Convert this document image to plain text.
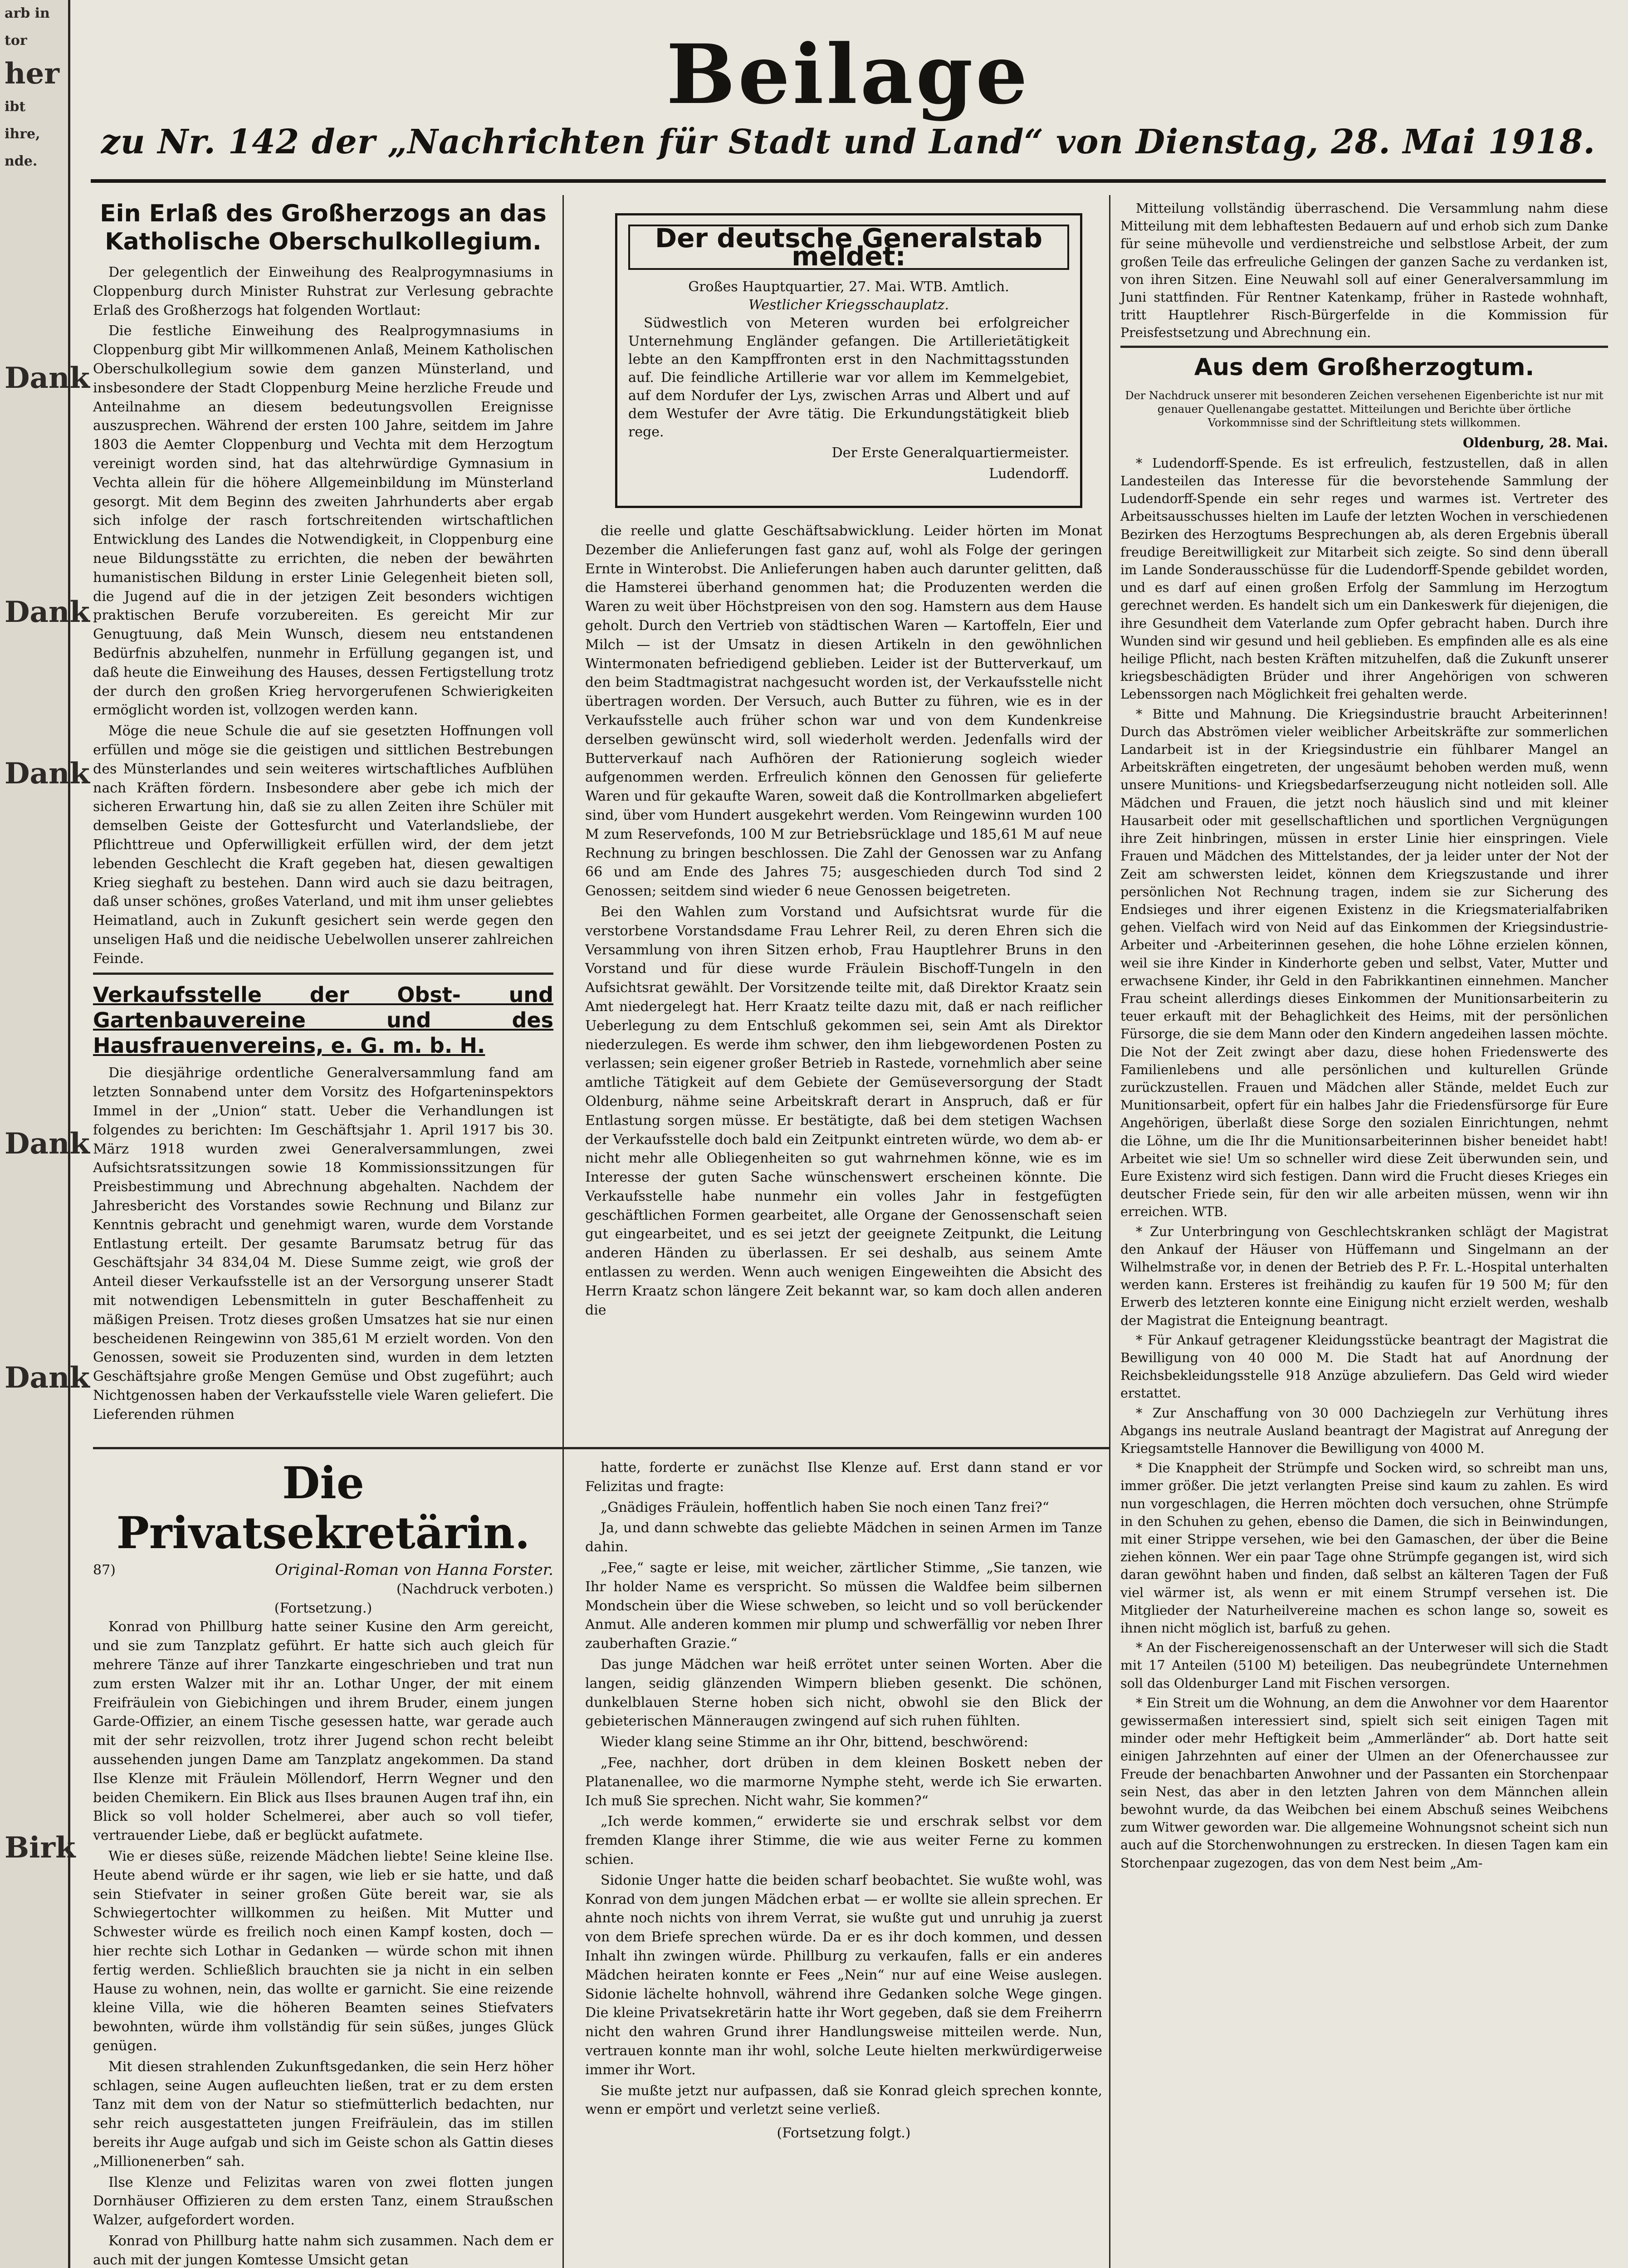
arb in
tor
her
ibt
ihre,
nde.
Dank
Dank
Dank
Dank
Dank
Birk
Beilage
zu Nr. 142 der „Nachrichten für Stadt und Land“ von Dienstag, 28. Mai 1918.
Ein Erlaß des Großherzogs an das Katholische Oberschulkollegium.

Der gelegentlich der Einweihung des Realprogymnasiums in Cloppenburg durch Minister Ruhstrat zur Verlesung gebrachte Erlaß des Großherzogs hat folgenden Wortlaut:

Die festliche Einweihung des Realprogymnasiums in Cloppenburg gibt Mir willkommenen Anlaß, Meinem Katholischen Oberschulkollegium sowie dem ganzen Münsterland, und insbesondere der Stadt Cloppenburg Meine herzliche Freude und Anteilnahme an diesem bedeutungsvollen Ereignisse auszusprechen. Während der ersten 100 Jahre, seitdem im Jahre 1803 die Aemter Cloppenburg und Vechta mit dem Herzogtum vereinigt worden sind, hat das altehrwürdige Gymnasium in Vechta allein für die höhere Allgemeinbildung im Münsterland gesorgt. Mit dem Beginn des zweiten Jahrhunderts aber ergab sich infolge der rasch fortschreitenden wirtschaftlichen Entwicklung des Landes die Notwendigkeit, in Cloppenburg eine neue Bildungsstätte zu errichten, die neben der bewährten humanistischen Bildung in erster Linie Gelegenheit bieten soll, die Jugend auf die in der jetzigen Zeit besonders wichtigen praktischen Berufe vorzubereiten. Es gereicht Mir zur Genugtuung, daß Mein Wunsch, diesem neu entstandenen Bedürfnis abzuhelfen, nunmehr in Erfüllung gegangen ist, und daß heute die Einweihung des Hauses, dessen Fertigstellung trotz der durch den großen Krieg hervorgerufenen Schwierigkeiten ermöglicht worden ist, vollzogen werden kann.

Möge die neue Schule die auf sie gesetzten Hoffnungen voll erfüllen und möge sie die geistigen und sittlichen Bestrebungen des Münsterlandes und sein weiteres wirtschaftliches Aufblühen nach Kräften fördern. Insbesondere aber gebe ich mich der sicheren Erwartung hin, daß sie zu allen Zeiten ihre Schüler mit demselben Geiste der Gottesfurcht und Vaterlandsliebe, der Pflichttreue und Opferwilligkeit erfüllen wird, der dem jetzt lebenden Geschlecht die Kraft gegeben hat, diesen gewaltigen Krieg sieghaft zu bestehen. Dann wird auch sie dazu beitragen, daß unser schönes, großes Vaterland, und mit ihm unser geliebtes Heimatland, auch in Zukunft gesichert sein werde gegen den unseligen Haß und die neidische Uebelwollen unserer zahlreichen Feinde.

Verkaufsstelle der Obst- und Gartenbauvereine und des Hausfrauenvereins, e. G. m. b. H.

Die diesjährige ordentliche Generalversammlung fand am letzten Sonnabend unter dem Vorsitz des Hofgarteninspektors Immel in der „Union“ statt. Ueber die Verhandlungen ist folgendes zu berichten: Im Geschäftsjahr 1. April 1917 bis 30. März 1918 wurden zwei Generalversammlungen, zwei Aufsichtsratssitzungen sowie 18 Kommissionssitzungen für Preisbestimmung und Abrechnung abgehalten. Nachdem der Jahresbericht des Vorstandes sowie Rechnung und Bilanz zur Kenntnis gebracht und genehmigt waren, wurde dem Vorstande Entlastung erteilt. Der gesamte Barumsatz betrug für das Geschäftsjahr 34 834,04 M. Diese Summe zeigt, wie groß der Anteil dieser Verkaufsstelle ist an der Versorgung unserer Stadt mit notwendigen Lebensmitteln in guter Beschaffenheit zu mäßigen Preisen. Trotz dieses großen Umsatzes hat sie nur einen bescheidenen Reingewinn von 385,61 M erzielt worden. Von den Genossen, soweit sie Produzenten sind, wurden in dem letzten Geschäftsjahre große Mengen Gemüse und Obst zugeführt; auch Nichtgenossen haben der Verkaufsstelle viele Waren geliefert. Die Lieferenden rühmen

Der deutsche Generalstab meldet:
Großes Hauptquartier, 27. Mai. WTB. Amtlich.
Westlicher Kriegsschauplatz.
Südwestlich von Meteren wurden bei erfolgreicher Unternehmung Engländer gefangen. Die Artillerietätigkeit lebte an den Kampffronten erst in den Nachmittagsstunden auf. Die feindliche Artillerie war vor allem im Kemmelgebiet, auf dem Nordufer der Lys, zwischen Arras und Albert und auf dem Westufer der Avre tätig. Die Erkundungstätigkeit blieb rege.
Der Erste Generalquartiermeister.
Ludendorff.

die reelle und glatte Geschäftsabwicklung. Leider hörten im Monat Dezember die Anlieferungen fast ganz auf, wohl als Folge der geringen Ernte in Winterobst. Die Anlieferungen haben auch darunter gelitten, daß die Hamsterei überhand genommen hat; die Produzenten werden die Waren zu weit über Höchstpreisen von den sog. Hamstern aus dem Hause geholt. Durch den Vertrieb von städtischen Waren — Kartoffeln, Eier und Milch — ist der Umsatz in diesen Artikeln in den gewöhnlichen Wintermonaten befriedigend geblieben. Leider ist der Butterverkauf, um den beim Stadtmagistrat nachgesucht worden ist, der Verkaufsstelle nicht übertragen worden. Der Versuch, auch Butter zu führen, wie es in der Verkaufsstelle auch früher schon war und von dem Kundenkreise derselben gewünscht wird, soll wiederholt werden. Jedenfalls wird der Butterverkauf nach Aufhören der Rationierung sogleich wieder aufgenommen werden. Erfreulich können den Genossen für gelieferte Waren und für gekaufte Waren, soweit daß die Kontrollmarken abgeliefert sind, über vom Hundert ausgekehrt werden. Vom Reingewinn wurden 100 M zum Reservefonds, 100 M zur Betriebsrücklage und 185,61 M auf neue Rechnung zu bringen beschlossen. Die Zahl der Genossen war zu Anfang 66 und am Ende des Jahres 75; ausgeschieden durch Tod sind 2 Genossen; seitdem sind wieder 6 neue Genossen beigetreten.

Bei den Wahlen zum Vorstand und Aufsichtsrat wurde für die verstorbene Vorstandsdame Frau Lehrer Reil, zu deren Ehren sich die Versammlung von ihren Sitzen erhob, Frau Hauptlehrer Bruns in den Vorstand und für diese wurde Fräulein Bischoff-Tungeln in den Aufsichtsrat gewählt. Der Vorsitzende teilte mit, daß Direktor Kraatz sein Amt niedergelegt hat. Herr Kraatz teilte dazu mit, daß er nach reiflicher Ueberlegung zu dem Entschluß gekommen sei, sein Amt als Direktor niederzulegen. Es werde ihm schwer, den ihm liebgewordenen Posten zu verlassen; sein eigener großer Betrieb in Rastede, vornehmlich aber seine amtliche Tätigkeit auf dem Gebiete der Gemüseversorgung der Stadt Oldenburg, nähme seine Arbeitskraft derart in Anspruch, daß er für Entlastung sorgen müsse. Er bestätigte, daß bei dem stetigen Wachsen der Verkaufsstelle doch bald ein Zeitpunkt eintreten würde, wo dem ab- er nicht mehr alle Obliegenheiten so gut wahrnehmen könne, wie es im Interesse der guten Sache wünschenswert erscheinen könnte. Die Verkaufsstelle habe nunmehr ein volles Jahr in festgefügten geschäftlichen Formen gearbeitet, alle Organe der Genossenschaft seien gut eingearbeitet, und es sei jetzt der geeignete Zeitpunkt, die Leitung anderen Händen zu überlassen. Er sei deshalb, aus seinem Amte entlassen zu werden. Wenn auch wenigen Eingeweihten die Absicht des Herrn Kraatz schon längere Zeit bekannt war, so kam doch allen anderen die

Die Privatsekretärin.
87)	Original-Roman von Hanna Forster.
(Nachdruck verboten.)
(Fortsetzung.)

Konrad von Phillburg hatte seiner Kusine den Arm gereicht, und sie zum Tanzplatz geführt. Er hatte sich auch gleich für mehrere Tänze auf ihrer Tanzkarte eingeschrieben und trat nun zum ersten Walzer mit ihr an. Lothar Unger, der mit einem Freifräulein von Giebichingen und ihrem Bruder, einem jungen Garde-Offizier, an einem Tische gesessen hatte, war gerade auch mit der sehr reizvollen, trotz ihrer Jugend schon recht beleibt aussehenden jungen Dame am Tanzplatz angekommen. Da stand Ilse Klenze mit Fräulein Möllendorf, Herrn Wegner und den beiden Chemikern. Ein Blick aus Ilses braunen Augen traf ihn, ein Blick so voll holder Schelmerei, aber auch so voll tiefer, vertrauender Liebe, daß er beglückt aufatmete.

Wie er dieses süße, reizende Mädchen liebte! Seine kleine Ilse. Heute abend würde er ihr sagen, wie lieb er sie hatte, und daß sein Stiefvater in seiner großen Güte bereit war, sie als Schwiegertochter willkommen zu heißen. Mit Mutter und Schwester würde es freilich noch einen Kampf kosten, doch — hier rechte sich Lothar in Gedanken — würde schon mit ihnen fertig werden. Schließlich brauchten sie ja nicht in ein selben Hause zu wohnen, nein, das wollte er garnicht. Sie eine reizende kleine Villa, wie die höheren Beamten seines Stiefvaters bewohnten, würde ihm vollständig für sein süßes, junges Glück genügen.

Mit diesen strahlenden Zukunftsgedanken, die sein Herz höher schlagen, seine Augen aufleuchten ließen, trat er zu dem ersten Tanz mit dem von der Natur so stiefmütterlich bedachten, nur sehr reich ausgestatteten jungen Freifräulein, das im stillen bereits ihr Auge aufgab und sich im Geiste schon als Gattin dieses „Millionenerben“ sah.

Ilse Klenze und Felizitas waren von zwei flotten jungen Dornhäuser Offizieren zu dem ersten Tanz, einem Straußschen Walzer, aufgefordert worden.

Konrad von Phillburg hatte nahm sich zusammen. Nach dem er auch mit der jungen Komtesse Umsicht getan

hatte, forderte er zunächst Ilse Klenze auf. Erst dann stand er vor Felizitas und fragte:

„Gnädiges Fräulein, hoffentlich haben Sie noch einen Tanz frei?“

Ja, und dann schwebte das geliebte Mädchen in seinen Armen im Tanze dahin.

„Fee,“ sagte er leise, mit weicher, zärtlicher Stimme, „Sie tanzen, wie Ihr holder Name es verspricht. So müssen die Waldfee beim silbernen Mondschein über die Wiese schweben, so leicht und so voll berückender Anmut. Alle anderen kommen mir plump und schwerfällig vor neben Ihrer zauberhaften Grazie.“

Das junge Mädchen war heiß errötet unter seinen Worten. Aber die langen, seidig glänzenden Wimpern blieben gesenkt. Die schönen, dunkelblauen Sterne hoben sich nicht, obwohl sie den Blick der gebieterischen Männeraugen zwingend auf sich ruhen fühlten.

Wieder klang seine Stimme an ihr Ohr, bittend, beschwörend:

„Fee, nachher, dort drüben in dem kleinen Boskett neben der Platanenallee, wo die marmorne Nymphe steht, werde ich Sie erwarten. Ich muß Sie sprechen. Nicht wahr, Sie kommen?“

„Ich werde kommen,“ erwiderte sie und erschrak selbst vor dem fremden Klange ihrer Stimme, die wie aus weiter Ferne zu kommen schien.

Sidonie Unger hatte die beiden scharf beobachtet. Sie wußte wohl, was Konrad von dem jungen Mädchen erbat — er wollte sie allein sprechen. Er ahnte noch nichts von ihrem Verrat, sie wußte gut und unruhig ja zuerst von dem Briefe sprechen würde. Da er es ihr doch kommen, und dessen Inhalt ihn zwingen würde. Phillburg zu verkaufen, falls er ein anderes Mädchen heiraten konnte er Fees „Nein“ nur auf eine Weise auslegen. Sidonie lächelte hohnvoll, während ihre Gedanken solche Wege gingen. Die kleine Privatsekretärin hatte ihr Wort gegeben, daß sie dem Freiherrn nicht den wahren Grund ihrer Handlungsweise mitteilen werde. Nun, vertrauen konnte man ihr wohl, solche Leute hielten merkwürdigerweise immer ihr Wort.

Sie mußte jetzt nur aufpassen, daß sie Konrad gleich sprechen konnte, wenn er empört und verletzt seine verließ.

(Fortsetzung folgt.)

Mitteilung vollständig überraschend. Die Versammlung nahm diese Mitteilung mit dem lebhaftesten Bedauern auf und erhob sich zum Danke für seine mühevolle und verdienstreiche und selbstlose Arbeit, der zum großen Teile das erfreuliche Gelingen der ganzen Sache zu verdanken ist, von ihren Sitzen. Eine Neuwahl soll auf einer Generalversammlung im Juni stattfinden. Für Rentner Katenkamp, früher in Rastede wohnhaft, tritt Hauptlehrer Risch-Bürgerfelde in die Kommission für Preisfestsetzung und Abrechnung ein.

Aus dem Großherzogtum.
Der Nachdruck unserer mit besonderen Zeichen versehenen Eigenberichte ist nur mit genauer Quellenangabe gestattet. Mitteilungen und Berichte über örtliche Vorkommnisse sind der Schriftleitung stets willkommen.
Oldenburg, 28. Mai.

* Ludendorff-Spende. Es ist erfreulich, festzustellen, daß in allen Landesteilen das Interesse für die bevorstehende Sammlung der Ludendorff-Spende ein sehr reges und warmes ist. Vertreter des Arbeitsausschusses hielten im Laufe der letzten Wochen in verschiedenen Bezirken des Herzogtums Besprechungen ab, als deren Ergebnis überall freudige Bereitwilligkeit zur Mitarbeit sich zeigte. So sind denn überall im Lande Sonderausschüsse für die Ludendorff-Spende gebildet worden, und es darf auf einen großen Erfolg der Sammlung im Herzogtum gerechnet werden. Es handelt sich um ein Dankeswerk für diejenigen, die ihre Gesundheit dem Vaterlande zum Opfer gebracht haben. Durch ihre Wunden sind wir gesund und heil geblieben. Es empfinden alle es als eine heilige Pflicht, nach besten Kräften mitzuhelfen, daß die Zukunft unserer kriegsbeschädigten Brüder und ihrer Angehörigen von schweren Lebenssorgen nach Möglichkeit frei gehalten werde.

* Bitte und Mahnung. Die Kriegsindustrie braucht Arbeiterinnen! Durch das Abströmen vieler weiblicher Arbeitskräfte zur sommerlichen Landarbeit ist in der Kriegsindustrie ein fühlbarer Mangel an Arbeitskräften eingetreten, der ungesäumt behoben werden muß, wenn unsere Munitions- und Kriegsbedarfserzeugung nicht notleiden soll. Alle Mädchen und Frauen, die jetzt noch häuslich sind und mit kleiner Hausarbeit oder mit gesellschaftlichen und sportlichen Vergnügungen ihre Zeit hinbringen, müssen in erster Linie hier einspringen. Viele Frauen und Mädchen des Mittelstandes, der ja leider unter der Not der Zeit am schwersten leidet, können dem Kriegszustande und ihrer persönlichen Not Rechnung tragen, indem sie zur Sicherung des Endsieges und ihrer eigenen Existenz in die Kriegsmaterialfabriken gehen. Vielfach wird von Neid auf das Einkommen der Kriegsindustrie-Arbeiter und -Arbeiterinnen gesehen, die hohe Löhne erzielen können, weil sie ihre Kinder in Kinderhorte geben und selbst, Vater, Mutter und erwachsene Kinder, ihr Geld in den Fabrikkantinen einnehmen. Mancher Frau scheint allerdings dieses Einkommen der Munitionsarbeiterin zu teuer erkauft mit der Behaglichkeit des Heims, mit der persönlichen Fürsorge, die sie dem Mann oder den Kindern angedeihen lassen möchte. Die Not der Zeit zwingt aber dazu, diese hohen Friedenswerte des Familienlebens und alle persönlichen und kulturellen Gründe zurückzustellen. Frauen und Mädchen aller Stände, meldet Euch zur Munitionsarbeit, opfert für ein halbes Jahr die Friedensfürsorge für Eure Angehörigen, überlaßt diese Sorge den sozialen Einrichtungen, nehmt die Löhne, um die Ihr die Munitionsarbeiterinnen bisher beneidet habt! Arbeitet wie sie! Um so schneller wird diese Zeit überwunden sein, und Eure Existenz wird sich festigen. Dann wird die Frucht dieses Krieges ein deutscher Friede sein, für den wir alle arbeiten müssen, wenn wir ihn erreichen. WTB.

* Zur Unterbringung von Geschlechtskranken schlägt der Magistrat den Ankauf der Häuser von Hüffemann und Singelmann an der Wilhelmstraße vor, in denen der Betrieb des P. Fr. L.-Hospital unterhalten werden kann. Ersteres ist freihändig zu kaufen für 19 500 M; für den Erwerb des letzteren konnte eine Einigung nicht erzielt werden, weshalb der Magistrat die Enteignung beantragt.

* Für Ankauf getragener Kleidungsstücke beantragt der Magistrat die Bewilligung von 40 000 M. Die Stadt hat auf Anordnung der Reichsbekleidungsstelle 918 Anzüge abzuliefern. Das Geld wird wieder erstattet.

* Zur Anschaffung von 30 000 Dachziegeln zur Verhütung ihres Abgangs ins neutrale Ausland beantragt der Magistrat auf Anregung der Kriegsamtstelle Hannover die Bewilligung von 4000 M.

* Die Knappheit der Strümpfe und Socken wird, so schreibt man uns, immer größer. Die jetzt verlangten Preise sind kaum zu zahlen. Es wird nun vorgeschlagen, die Herren möchten doch versuchen, ohne Strümpfe in den Schuhen zu gehen, ebenso die Damen, die sich in Beinwindungen, mit einer Strippe versehen, wie bei den Gamaschen, der über die Beine ziehen können. Wer ein paar Tage ohne Strümpfe gegangen ist, wird sich daran gewöhnt haben und finden, daß selbst an kälteren Tagen der Fuß viel wärmer ist, als wenn er mit einem Strumpf versehen ist. Die Mitglieder der Naturheilvereine machen es schon lange so, soweit es ihnen nicht möglich ist, barfuß zu gehen.

* An der Fischereigenossenschaft an der Unterweser will sich die Stadt mit 17 Anteilen (5100 M) beteiligen. Das neubegründete Unternehmen soll das Oldenburger Land mit Fischen versorgen.

* Ein Streit um die Wohnung, an dem die Anwohner vor dem Haarentor gewissermaßen interessiert sind, spielt sich seit einigen Tagen mit minder oder mehr Heftigkeit beim „Ammerländer“ ab. Dort hatte seit einigen Jahrzehnten auf einer der Ulmen an der Ofenerchaussee zur Freude der benachbarten Anwohner und der Passanten ein Storchenpaar sein Nest, das aber in den letzten Jahren von dem Männchen allein bewohnt wurde, da das Weibchen bei einem Abschuß seines Weibchens zum Witwer geworden war. Die allgemeine Wohnungsnot scheint sich nun auch auf die Storchenwohnungen zu erstrecken. In diesen Tagen kam ein Storchenpaar zugezogen, das von dem Nest beim „Am-
